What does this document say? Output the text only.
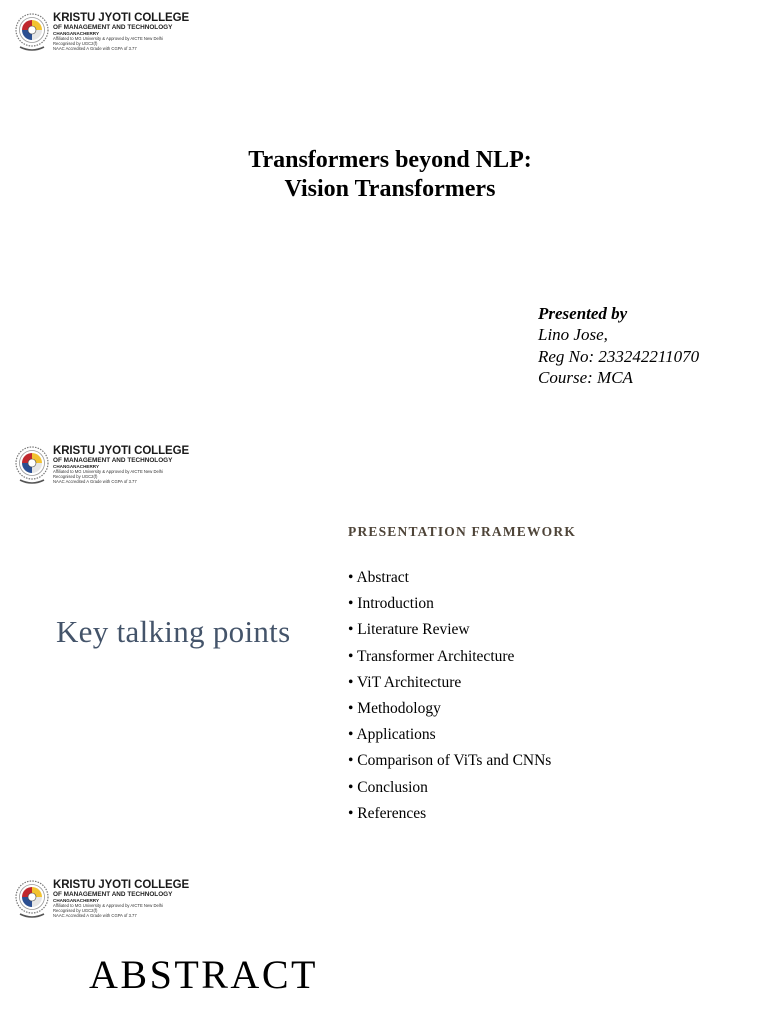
KRISTU JYOTI COLLEGE
OF MANAGEMENT AND TECHNOLOGY
CHANGANACHERRY
Affiliated to MG University & Approved by AICTE New Delhi
Recognised by UGC2(f)
NAAC Accredited A Grade with CGPA of 3.77
Transformers beyond NLP:
Vision Transformers
Presented by
Lino Jose,
Reg No: 233242211070
Course: MCA
KRISTU JYOTI COLLEGE
OF MANAGEMENT AND TECHNOLOGY
CHANGANACHERRY
Affiliated to MG University & Approved by AICTE New Delhi
Recognised by UGC2(f)
NAAC Accredited A Grade with CGPA of 3.77
Key talking points
PRESENTATION FRAMEWORK
• Abstract
• Introduction
• Literature Review
• Transformer Architecture
• ViT Architecture
• Methodology
• Applications
• Comparison of ViTs and CNNs
• Conclusion
• References
KRISTU JYOTI COLLEGE
OF MANAGEMENT AND TECHNOLOGY
CHANGANACHERRY
Affiliated to MG University & Approved by AICTE New Delhi
Recognised by UGC2(f)
NAAC Accredited A Grade with CGPA of 3.77
ABSTRACT
